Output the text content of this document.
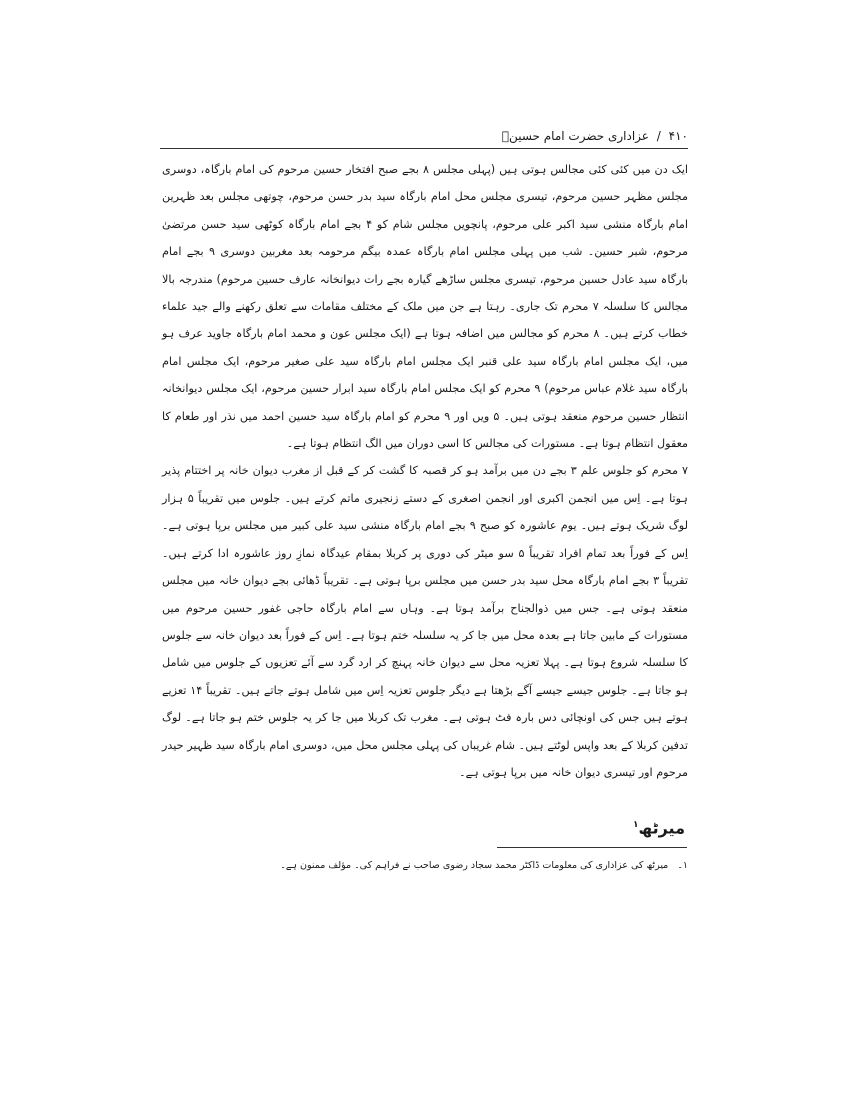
۴۱۰ / عزاداری حضرت امام حسینؑ

ایک دن میں کئی کئی مجالس ہوتی ہیں (پہلی مجلس ۸ بجے صبح افتخار حسین مرحوم کی امام بارگاہ، دوسری مجلس مظہر حسین مرحوم، تیسری مجلس محل امام بارگاہ سید بدر حسن مرحوم، چوتھی مجلس بعد ظہرین امام بارگاہ منشی سید اکبر علی مرحوم، پانچویں مجلس شام کو ۴ بجے امام بارگاہ کوٹھی سید حسن مرتضیٰ مرحوم، شبر حسین۔ شب میں پہلی مجلس امام بارگاہ عمدہ بیگم مرحومہ بعد مغربین دوسری ۹ بجے امام بارگاہ سید عادل حسین مرحوم، تیسری مجلس ساڑھے گیارہ بجے رات دیوانخانہ عارف حسین مرحوم) مندرجہ بالا مجالس کا سلسلہ ۷ محرم تک جاری۔ رہتا ہے جن میں ملک کے مختلف مقامات سے تعلق رکھنے والے جید علماء خطاب کرتے ہیں۔ ۸ محرم کو مجالس میں اضافہ ہوتا ہے (ایک مجلس عون و محمد امام بارگاہ جاوید عرف ہو میں، ایک مجلس امام بارگاہ سید علی قنبر ایک مجلس امام بارگاہ سید علی صغیر مرحوم، ایک مجلس امام بارگاہ سید غلام عباس مرحوم) ۹ محرم کو ایک مجلس امام بارگاہ سید ابرار حسین مرحوم، ایک مجلس دیوانخانہ انتظار حسین مرحوم منعقد ہوتی ہیں۔ ۵ ویں اور ۹ محرم کو امام بارگاہ سید حسین احمد میں نذر اور طعام کا معقول انتظام ہوتا ہے۔ مستورات کی مجالس کا اسی دوران میں الگ انتظام ہوتا ہے۔

۷ محرم کو جلوس علم ۳ بجے دن میں برآمد ہو کر قصبہ کا گشت کر کے قبل از مغرب دیوان خانہ پر اختتام پذیر ہوتا ہے۔ اِس میں انجمن اکبری اور انجمن اصغری کے دستے زنجیری ماتم کرتے ہیں۔ جلوس میں تقریباً ۵ ہزار لوگ شریک ہوتے ہیں۔ یوم عاشورہ کو صبح ۹ بجے امام بارگاہ منشی سید علی کبیر میں مجلس برپا ہوتی ہے۔ اِس کے فوراً بعد تمام افراد تقریباً ۵ سو میٹر کی دوری پر کربلا بمقام عیدگاہ نمازِ روز عاشورہ ادا کرتے ہیں۔ تقریباً ۳ بجے امام بارگاہ محل سید بدر حسن میں مجلس برپا ہوتی ہے۔ تقریباً ڈھائی بجے دیوان خانہ میں مجلس منعقد ہوتی ہے۔ جس میں ذوالجناح برآمد ہوتا ہے۔ وہاں سے امام بارگاہ حاجی غفور حسین مرحوم میں مستورات کے مابین جاتا ہے بعدہ محل میں جا کر یہ سلسلہ ختم ہوتا ہے۔ اِس کے فوراً بعد دیوان خانہ سے جلوس کا سلسلہ شروع ہوتا ہے۔ پہلا تعزیہ محل سے دیوان خانہ پہنچ کر ارد گرد سے آئے تعزیوں کے جلوس میں شامل ہو جاتا ہے۔ جلوس جیسے جیسے آگے بڑھتا ہے دیگر جلوس تعزیہ اِس میں شامل ہوتے جاتے ہیں۔ تقریباً ۱۴ تعزیے ہوتے ہیں جس کی اونچائی دس بارہ فٹ ہوتی ہے۔ مغرب تک کربلا میں جا کر یہ جلوس ختم ہو جاتا ہے۔ لوگ تدفین کربلا کے بعد واپس لوٹتے ہیں۔ شام غریباں کی پہلی مجلس محل میں، دوسری امام بارگاہ سید ظہیر حیدر مرحوم اور تیسری دیوان خانہ میں برپا ہوتی ہے۔

میرٹھ$^۱$
۱۔ میرٹھ کی عزاداری کی معلومات ڈاکٹر محمد سجاد رضوی صاحب نے فراہم کی۔ مؤلف ممنون ہے۔
